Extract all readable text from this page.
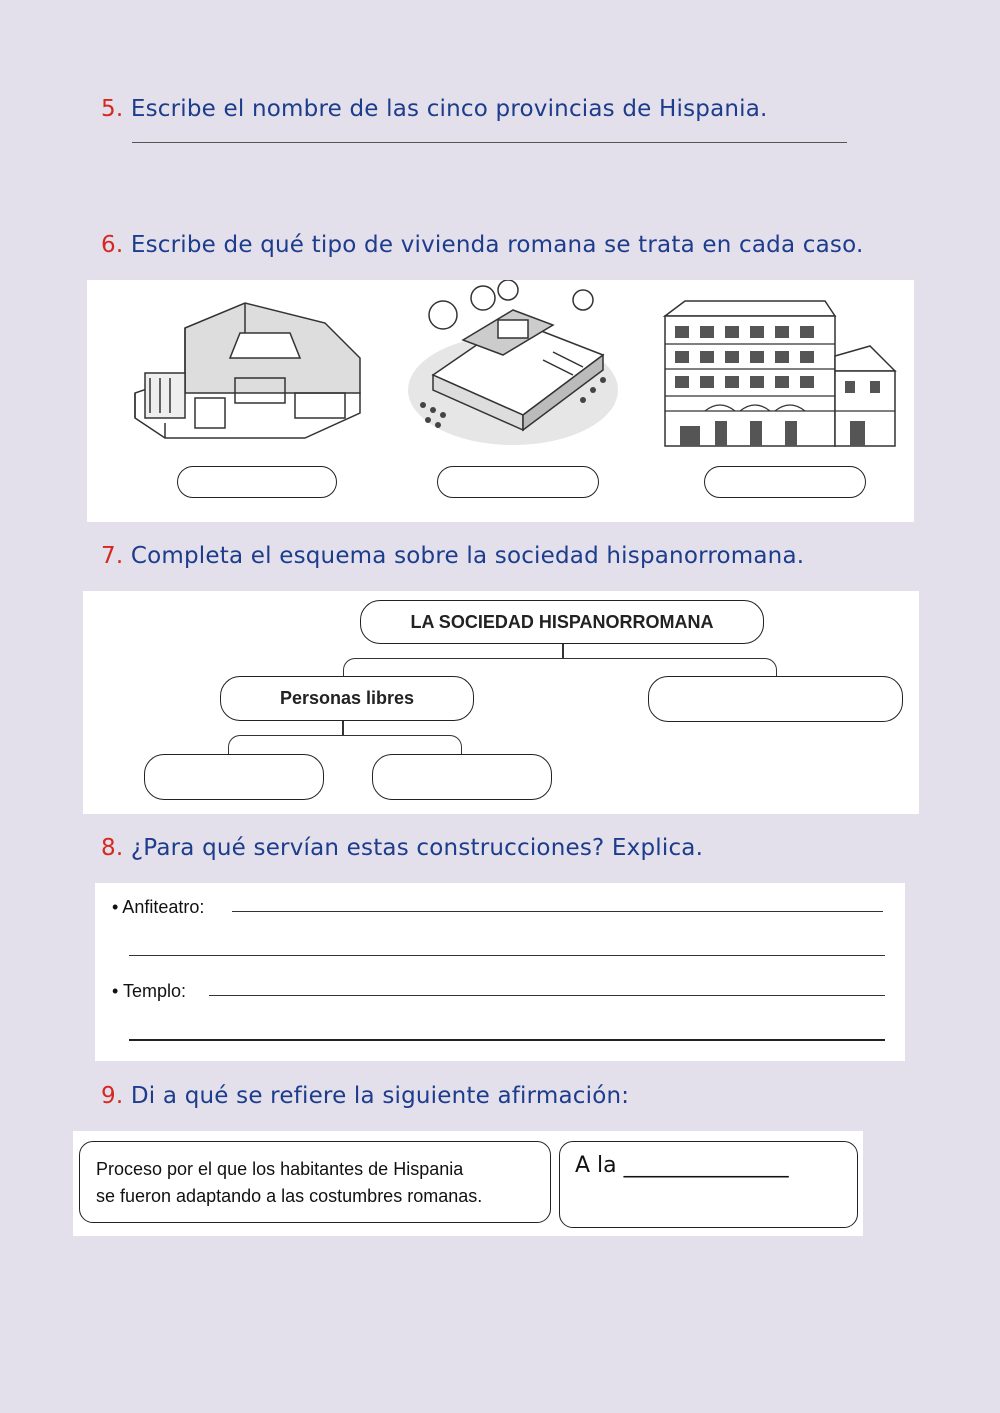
5. Escribe el nombre de las cinco provincias de Hispania.
6. Escribe de qué tipo de vivienda romana se trata en cada caso.
7. Completa el esquema sobre la sociedad hispanorromana.
LA SOCIEDAD HISPANORROMANA
Personas libres
8. ¿Para qué servían estas construcciones? Explica.
• Anfiteatro:
• Templo:
9. Di a qué se refiere la siguiente afirmación:
Proceso por el que los habitantes de Hispania
se fueron adaptando a las costumbres romanas.
A la _______________
